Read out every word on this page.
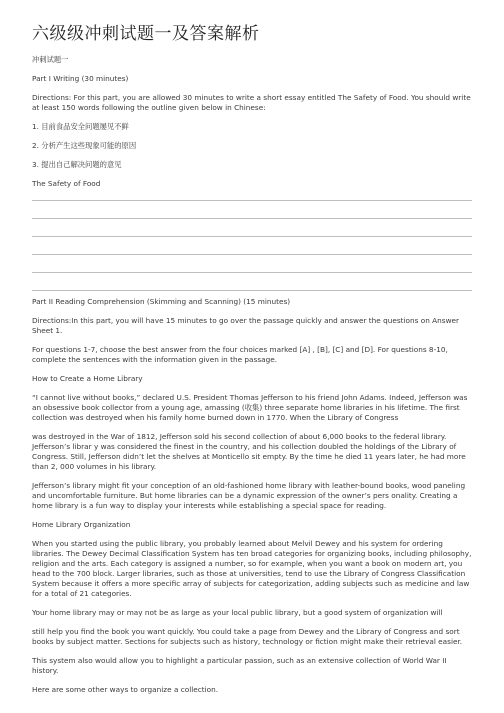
六级级冲刺试题一及答案解析

冲刺试题一

Part I Writing (30 minutes)

Directions: For this part, you are allowed 30 minutes to write a short essay entitled The Safety of Food. You should write at least 150 words following the outline given below in Chinese:

1. 目前食品安全问题屡见不鲜

2. 分析产生这些现象可能的原因

3. 提出自己解决问题的意见

The Safety of Food

Part II Reading Comprehension (Skimming and Scanning) (15 minutes)

Directions:In this part, you will have 15 minutes to go over the passage quickly and answer the questions on Answer Sheet 1.

For questions 1-7, choose the best answer from the four choices marked [A] , [B], [C] and [D]. For questions 8-10, complete the sentences with the information given in the passage.

How to Create a Home Library

“I cannot live without books,” declared U.S. President Thomas Jefferson to his friend John Adams. Indeed, Jefferson was an obsessive book collector from a young age, amassing (收集) three separate home libraries in his lifetime. The first collection was destroyed when his family home burned down in 1770. When the Library of Congress

was destroyed in the War of 1812, Jefferson sold his second collection of about 6,000 books to the federal library. Jefferson’s librar y was considered the finest in the country, and his collection doubled the holdings of the Library of Congress. Still, Jefferson didn’t let the shelves at Monticello sit empty. By the time he died 11 years later, he had more than 2, 000 volumes in his library.

Jefferson’s library might fit your conception of an old-fashioned home library with leather-bound books, wood paneling and uncomfortable furniture. But home libraries can be a dynamic expression of the owner’s pers onality. Creating a home library is a fun way to display your interests while establishing a special space for reading.

Home Library Organization

When you started using the public library, you probably learned about Melvil Dewey and his system for ordering libraries. The Dewey Decimal Classification System has ten broad categories for organizing books, including philosophy, religion and the arts. Each category is assigned a number, so for example, when you want a book on modern art, you head to the 700 block. Larger libraries, such as those at universities, tend to use the Library of Congress Classification System because it offers a more specific array of subjects for categorization, adding subjects such as medicine and law for a total of 21 categories.

Your home library may or may not be as large as your local public library, but a good system of organization will

still help you find the book you want quickly. You could take a page from Dewey and the Library of Congress and sort books by subject matter. Sections for subjects such as history, technology or fiction might make their retrieval easier.

This system also would allow you to highlight a particular passion, such as an extensive collection of World War II history.

Here are some other ways to organize a collection.
